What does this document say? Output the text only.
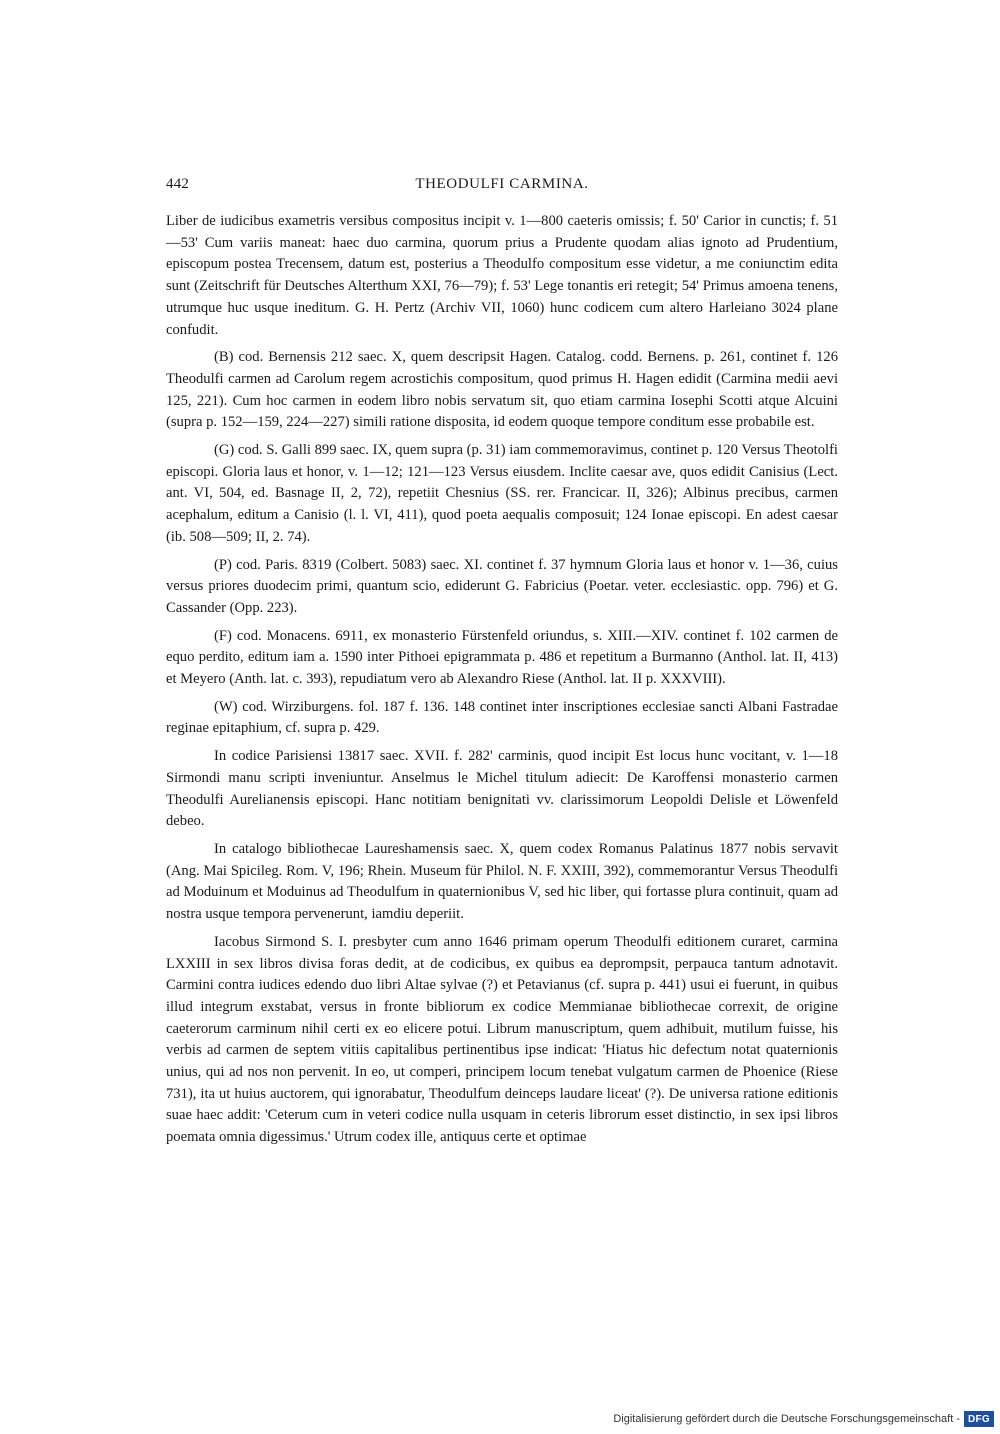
442	THEODULFI CARMINA.

Liber de iudicibus exametris versibus compositus incipit v. 1—800 caeteris omissis; f. 50' Carior in cunctis; f. 51—53' Cum variis maneat: haec duo carmina, quorum prius a Prudente quodam alias ignoto ad Prudentium, episcopum postea Trecensem, datum est, posterius a Theodulfo compositum esse videtur, a me coniunctim edita sunt (Zeitschrift für Deutsches Alterthum XXI, 76—79); f. 53' Lege tonantis eri retegit; 54' Primus amoena tenens, utrumque huc usque ineditum. G. H. Pertz (Archiv VII, 1060) hunc codicem cum altero Harleiano 3024 plane confudit.

(B) cod. Bernensis 212 saec. X, quem descripsit Hagen. Catalog. codd. Bernens. p. 261, continet f. 126 Theodulfi carmen ad Carolum regem acrostichis compositum, quod primus H. Hagen edidit (Carmina medii aevi 125, 221). Cum hoc carmen in eodem libro nobis servatum sit, quo etiam carmina Iosephi Scotti atque Alcuini (supra p. 152—159, 224—227) simili ratione disposita, id eodem quoque tempore conditum esse probabile est.

(G) cod. S. Galli 899 saec. IX, quem supra (p. 31) iam commemoravimus, continet p. 120 Versus Theotolfi episcopi. Gloria laus et honor, v. 1—12; 121—123 Versus eiusdem. Inclite caesar ave, quos edidit Canisius (Lect. ant. VI, 504, ed. Basnage II, 2, 72), repetiit Chesnius (SS. rer. Francicar. II, 326); Albinus precibus, carmen acephalum, editum a Canisio (l. l. VI, 411), quod poeta aequalis composuit; 124 Ionae episcopi. En adest caesar (ib. 508—509; II, 2. 74).

(P) cod. Paris. 8319 (Colbert. 5083) saec. XI. continet f. 37 hymnum Gloria laus et honor v. 1—36, cuius versus priores duodecim primi, quantum scio, ediderunt G. Fabricius (Poetar. veter. ecclesiastic. opp. 796) et G. Cassander (Opp. 223).

(F) cod. Monacens. 6911, ex monasterio Fürstenfeld oriundus, s. XIII.—XIV. continet f. 102 carmen de equo perdito, editum iam a. 1590 inter Pithoei epigrammata p. 486 et repetitum a Burmanno (Anthol. lat. II, 413) et Meyero (Anth. lat. c. 393), repudiatum vero ab Alexandro Riese (Anthol. lat. II p. XXXVIII).

(W) cod. Wirziburgens. fol. 187 f. 136. 148 continet inter inscriptiones ecclesiae sancti Albani Fastradae reginae epitaphium, cf. supra p. 429.

In codice Parisiensi 13817 saec. XVII. f. 282' carminis, quod incipit Est locus hunc vocitant, v. 1—18 Sirmondi manu scripti inveniuntur. Anselmus le Michel titulum adiecit: De Karoffensi monasterio carmen Theodulfi Aurelianensis episcopi. Hanc notitiam benignitati vv. clarissimorum Leopoldi Delisle et Löwenfeld debeo.

In catalogo bibliothecae Laureshamensis saec. X, quem codex Romanus Palatinus 1877 nobis servavit (Ang. Mai Spicileg. Rom. V, 196; Rhein. Museum für Philol. N. F. XXIII, 392), commemorantur Versus Theodulfi ad Moduinum et Moduinus ad Theodulfum in quaternionibus V, sed hic liber, qui fortasse plura continuit, quam ad nostra usque tempora pervenerunt, iamdiu deperiit.

Iacobus Sirmond S. I. presbyter cum anno 1646 primam operum Theodulfi editionem curaret, carmina LXXIII in sex libros divisa foras dedit, at de codicibus, ex quibus ea deprompsit, perpauca tantum adnotavit. Carmini contra iudices edendo duo libri Altae sylvae (?) et Petavianus (cf. supra p. 441) usui ei fuerunt, in quibus illud integrum exstabat, versus in fronte bibliorum ex codice Memmianae bibliothecae correxit, de origine caeterorum carminum nihil certi ex eo elicere potui. Librum manuscriptum, quem adhibuit, mutilum fuisse, his verbis ad carmen de septem vitiis capitalibus pertinentibus ipse indicat: 'Hiatus hic defectum notat quaternionis unius, qui ad nos non pervenit. In eo, ut comperi, principem locum tenebat vulgatum carmen de Phoenice (Riese 731), ita ut huius auctorem, qui ignorabatur, Theodulfum deinceps laudare liceat' (?). De universa ratione editionis suae haec addit: 'Ceterum cum in veteri codice nulla usquam in ceteris librorum esset distinctio, in sex ipsi libros poemata omnia digessimus.' Utrum codex ille, antiquus certe et optimae

Digitalisierung gefördert durch die Deutsche Forschungsgemeinschaft - DFG
